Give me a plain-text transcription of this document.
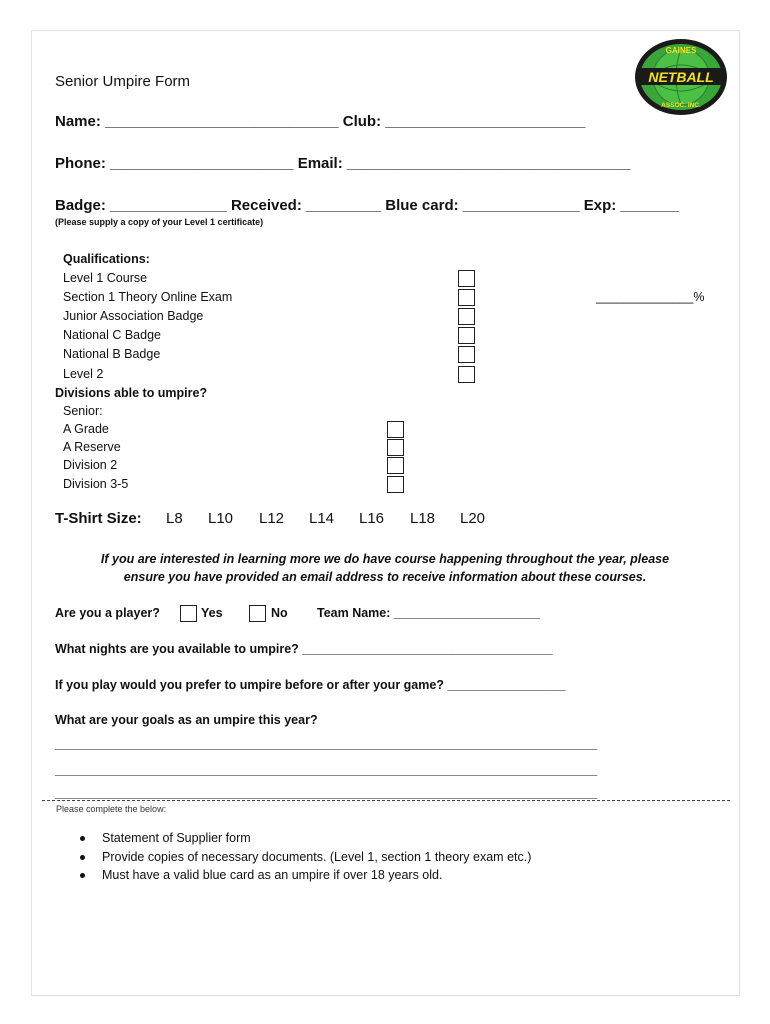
NETBALL
GAINES
ASSOC. INC.
Senior Umpire Form
Name: ____________________________ Club: ________________________
Phone: ______________________ Email: __________________________________
Badge: ______________ Received: _________ Blue card: ______________ Exp: _______
(Please supply a copy of your Level 1 certificate)
Qualifications:
Level 1 Course
Section 1 Theory Online Exam
Junior Association Badge
National C Badge
National B Badge
Level 2
______________%
Divisions able to umpire?
Senior:
A Grade
A Reserve
Division 2
Division 3-5
T-Shirt Size: L8 L10 L12 L14 L16 L18 L20
If you are interested in learning more we do have course happening throughout the year, please
ensure you have provided an email address to receive information about these courses.
Are you a player?	Yes	No Team Name: _____________________
What nights are you available to umpire? ____________________________________
If you play would you prefer to umpire before or after your game? _________________
What are your goals as an umpire this year?
______________________________________________________________________________
______________________________________________________________________________
______________________________________________________________________________
Please complete the below:
Statement of Supplier form
Provide copies of necessary documents. (Level 1, section 1 theory exam etc.)
Must have a valid blue card as an umpire if over 18 years old.
